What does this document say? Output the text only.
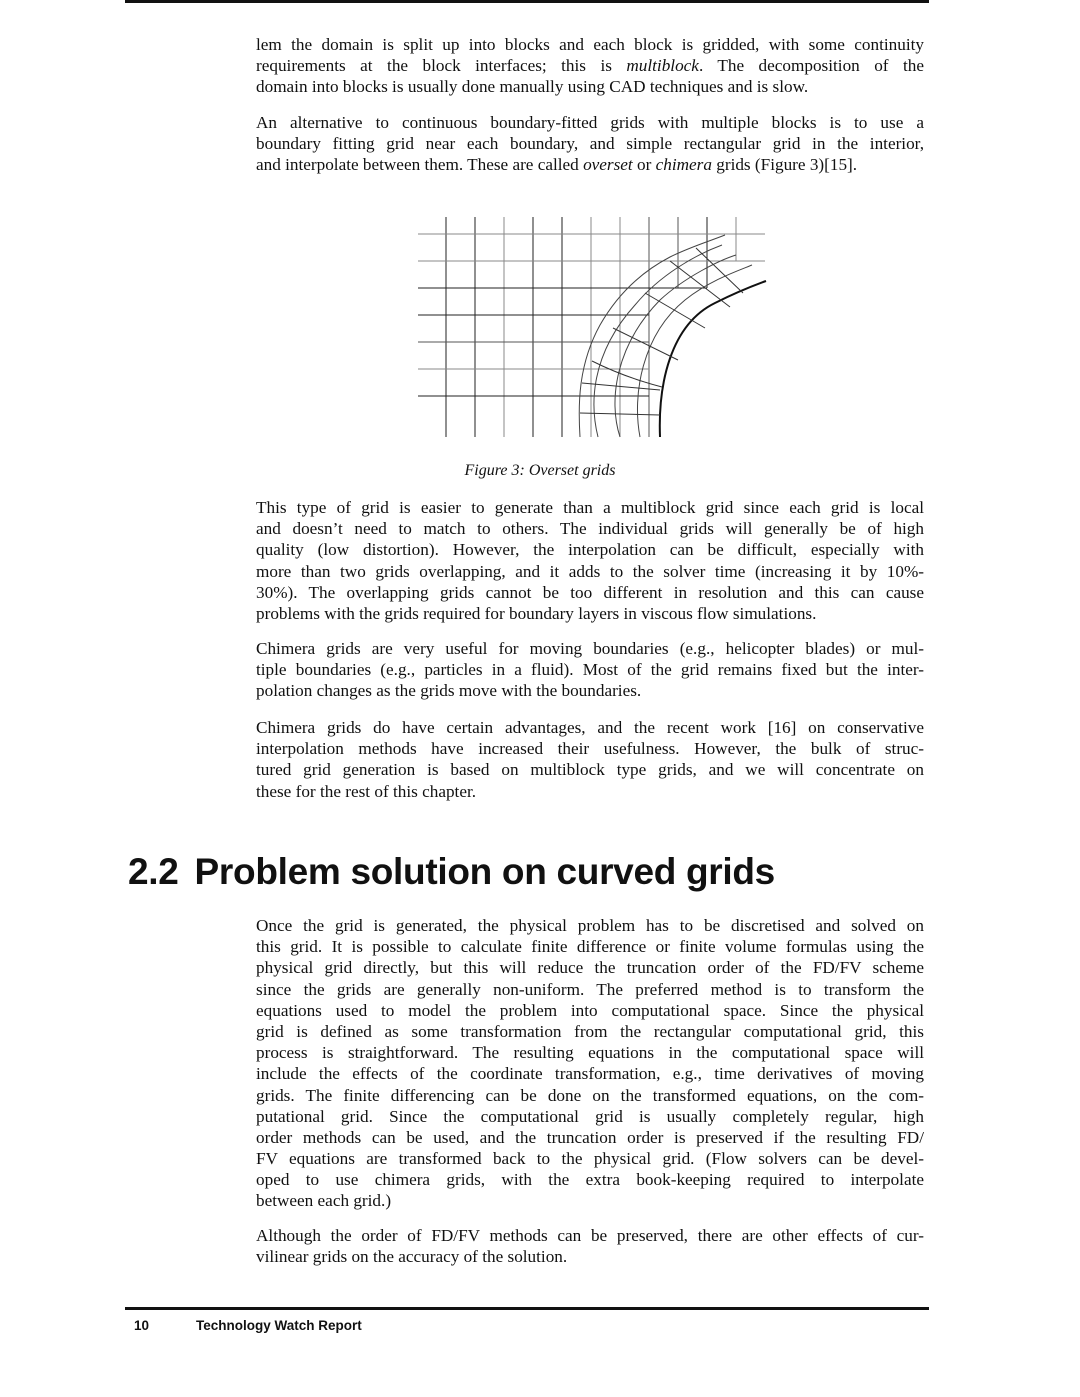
lem the domain is split up into blocks and each block is gridded, with some continuity
requirements at the block interfaces; this is multiblock. The decomposition of the
domain into blocks is usually done manually using CAD techniques and is slow.
An alternative to continuous boundary-fitted grids with multiple blocks is to use a
boundary fitting grid near each boundary, and simple rectangular grid in the interior,
and interpolate between them. These are called overset or chimera grids (Figure 3)[15].
Figure 3: Overset grids
This type of grid is easier to generate than a multiblock grid since each grid is local
and doesn’t need to match to others. The individual grids will generally be of high
quality (low distortion). However, the interpolation can be difficult, especially with
more than two grids overlapping, and it adds to the solver time (increasing it by 10%-
30%). The overlapping grids cannot be too different in resolution and this can cause
problems with the grids required for boundary layers in viscous flow simulations.
Chimera grids are very useful for moving boundaries (e.g., helicopter blades) or mul-
tiple boundaries (e.g., particles in a fluid). Most of the grid remains fixed but the inter-
polation changes as the grids move with the boundaries.
Chimera grids do have certain advantages, and the recent work [16] on conservative
interpolation methods have increased their usefulness. However, the bulk of struc-
tured grid generation is based on multiblock type grids, and we will concentrate on
these for the rest of this chapter.
2.2 Problem solution on curved grids
Once the grid is generated, the physical problem has to be discretised and solved on
this grid. It is possible to calculate finite difference or finite volume formulas using the
physical grid directly, but this will reduce the truncation order of the FD/FV scheme
since the grids are generally non-uniform. The preferred method is to transform the
equations used to model the problem into computational space. Since the physical
grid is defined as some transformation from the rectangular computational grid, this
process is straightforward. The resulting equations in the computational space will
include the effects of the coordinate transformation, e.g., time derivatives of moving
grids. The finite differencing can be done on the transformed equations, on the com-
putational grid. Since the computational grid is usually completely regular, high
order methods can be used, and the truncation order is preserved if the resulting FD/
FV equations are transformed back to the physical grid. (Flow solvers can be devel-
oped to use chimera grids, with the extra book-keeping required to interpolate
between each grid.)
Although the order of FD/FV methods can be preserved, there are other effects of cur-
vilinear grids on the accuracy of the solution.
10	Technology Watch Report
